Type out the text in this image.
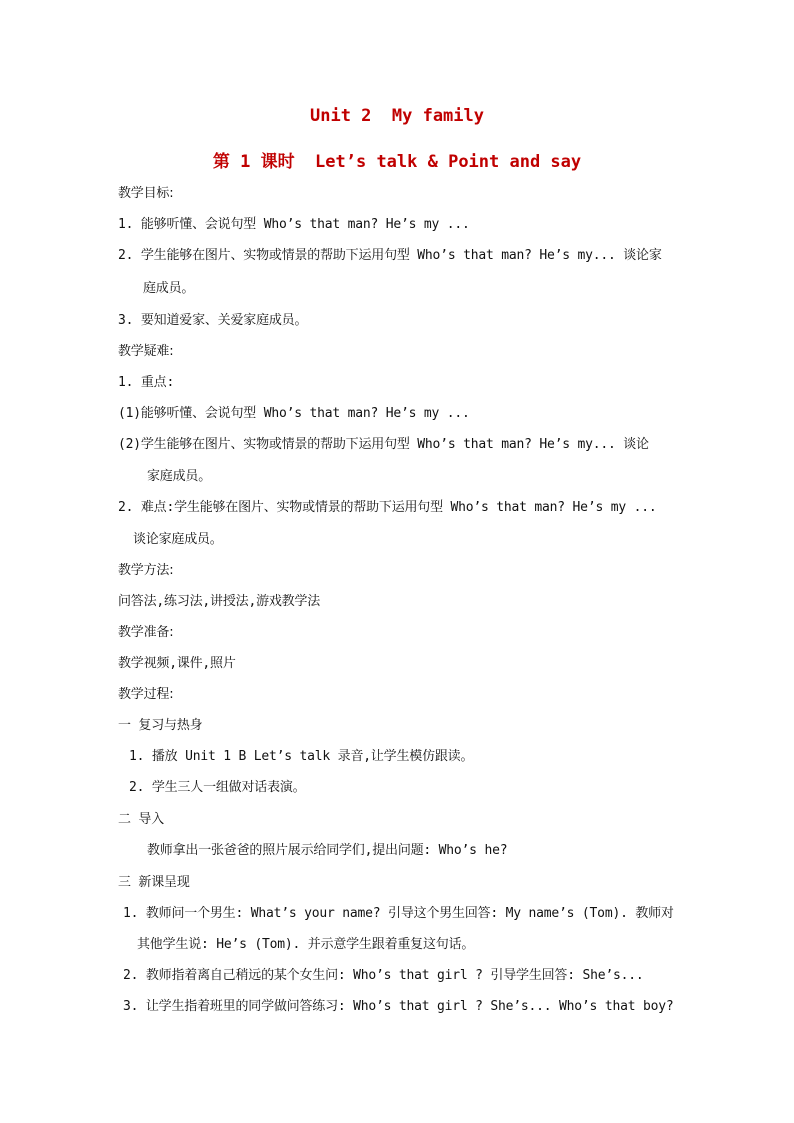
Unit 2  My family
第 1 课时  Let’s talk & Point and say
教学目标:
1. 能够听懂、会说句型 Who’s that man? He’s my ...
2. 学生能够在图片、实物或情景的帮助下运用句型 Who’s that man? He’s my... 谈论家
庭成员。
3. 要知道爱家、关爱家庭成员。
教学疑难:
1. 重点:
(1)能够听懂、会说句型 Who’s that man? He’s my ...
(2)学生能够在图片、实物或情景的帮助下运用句型 Who’s that man? He’s my... 谈论
家庭成员。
2. 难点:学生能够在图片、实物或情景的帮助下运用句型 Who’s that man? He’s my ...
谈论家庭成员。
教学方法:
问答法,练习法,讲授法,游戏教学法
教学准备:
教学视频,课件,照片
教学过程:
一 复习与热身
1. 播放 Unit 1 B Let’s talk 录音,让学生模仿跟读。
2. 学生三人一组做对话表演。
二 导入
教师拿出一张爸爸的照片展示给同学们,提出问题: Who’s he?
三 新课呈现
1. 教师问一个男生: What’s your name? 引导这个男生回答: My name’s (Tom). 教师对
其他学生说: He’s (Tom). 并示意学生跟着重复这句话。
2. 教师指着离自己稍远的某个女生问: Who’s that girl ? 引导学生回答: She’s...
3. 让学生指着班里的同学做问答练习: Who’s that girl ? She’s... Who’s that boy?
